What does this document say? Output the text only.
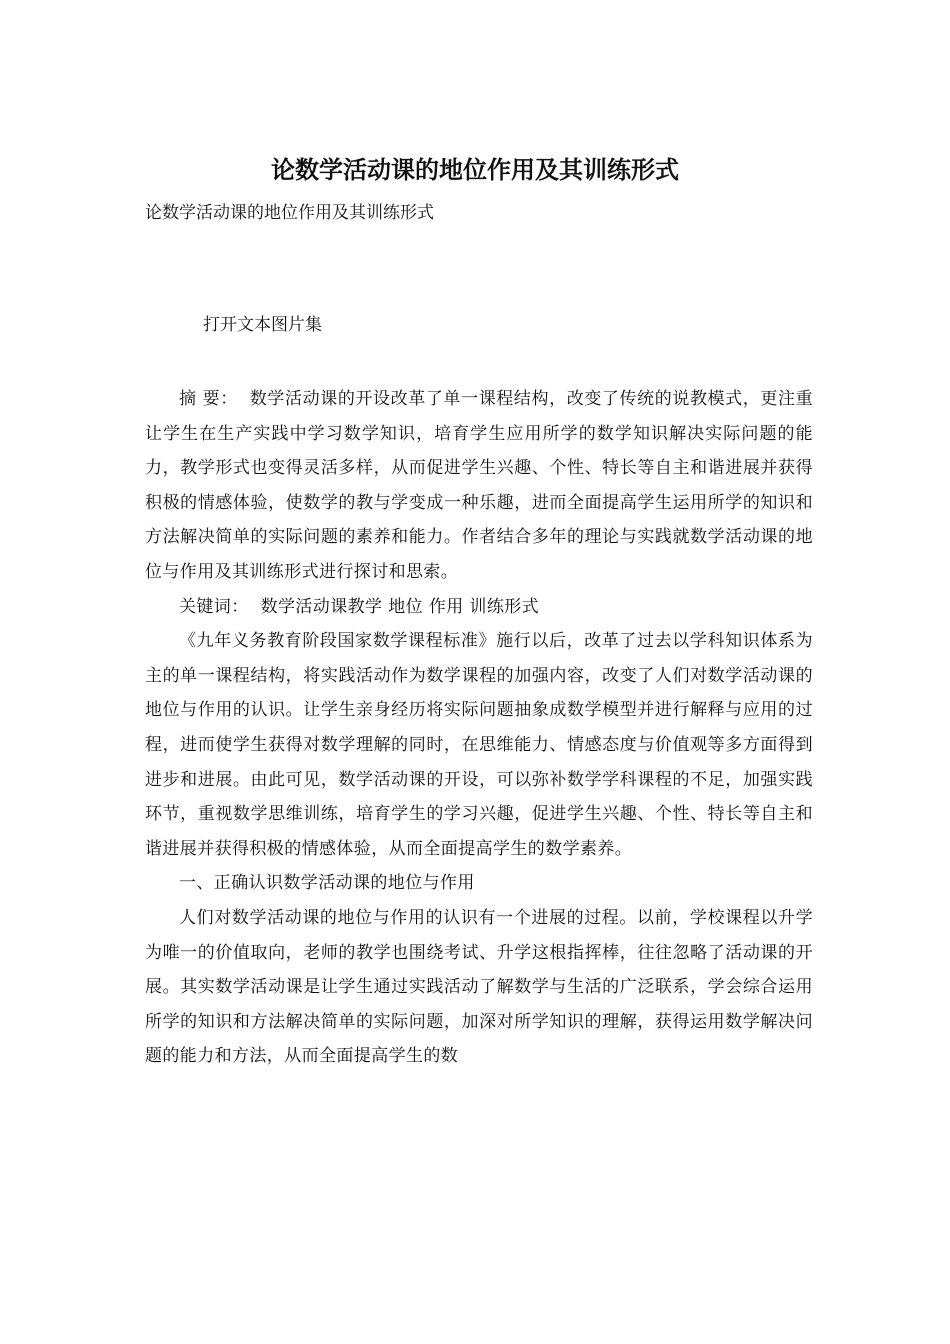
论数学活动课的地位作用及其训练形式
论数学活动课的地位作用及其训练形式
打开文本图片集

摘 要： 数学活动课的开设改革了单一课程结构，改变了传统的说教模式，更注重让学生在生产实践中学习数学知识，培育学生应用所学的数学知识解决实际问题的能力，教学形式也变得灵活多样，从而促进学生兴趣、个性、特长等自主和谐进展并获得积极的情感体验，使数学的教与学变成一种乐趣，进而全面提高学生运用所学的知识和方法解决简单的实际问题的素养和能力。作者结合多年的理论与实践就数学活动课的地位与作用及其训练形式进行探讨和思索。

关键词： 数学活动课教学 地位 作用 训练形式

《九年义务教育阶段国家数学课程标准》施行以后，改革了过去以学科知识体系为主的单一课程结构，将实践活动作为数学课程的加强内容，改变了人们对数学活动课的地位与作用的认识。让学生亲身经历将实际问题抽象成数学模型并进行解释与应用的过程，进而使学生获得对数学理解的同时，在思维能力、情感态度与价值观等多方面得到进步和进展。由此可见，数学活动课的开设，可以弥补数学学科课程的不足，加强实践环节，重视数学思维训练，培育学生的学习兴趣，促进学生兴趣、个性、特长等自主和谐进展并获得积极的情感体验，从而全面提高学生的数学素养。

一、正确认识数学活动课的地位与作用

人们对数学活动课的地位与作用的认识有一个进展的过程。以前，学校课程以升学为唯一的价值取向，老师的教学也围绕考试、升学这根指挥棒，往往忽略了活动课的开展。其实数学活动课是让学生通过实践活动了解数学与生活的广泛联系，学会综合运用所学的知识和方法解决简单的实际问题，加深对所学知识的理解，获得运用数学解决问题的能力和方法，从而全面提高学生的数
